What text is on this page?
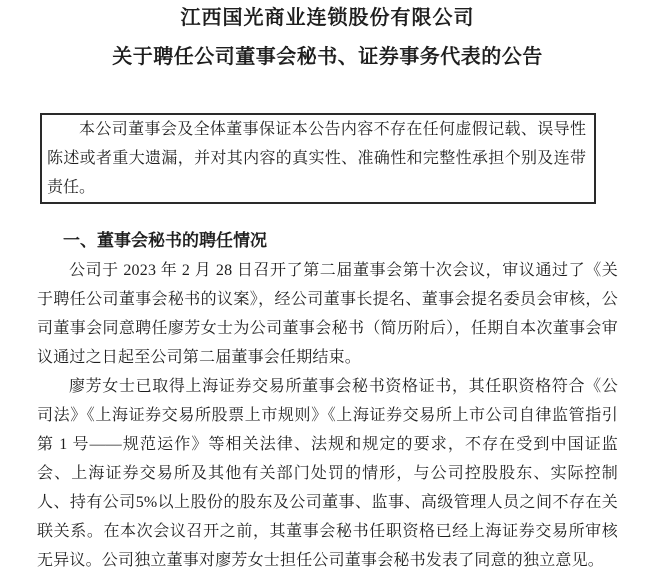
江西国光商业连锁股份有限公司
关于聘任公司董事会秘书、证券事务代表的公告

本公司董事会及全体董事保证本公告内容不存在任何虚假记载、误导性陈述或者重大遗漏，并对其内容的真实性、准确性和完整性承担个别及连带责任。

一、董事会秘书的聘任情况

公司于 2023 年 2 月 28 日召开了第二届董事会第十次会议，审议通过了《关于聘任公司董事会秘书的议案》，经公司董事长提名、董事会提名委员会审核，公司董事会同意聘任廖芳女士为公司董事会秘书（简历附后），任期自本次董事会审议通过之日起至公司第二届董事会任期结束。

廖芳女士已取得上海证券交易所董事会秘书资格证书，其任职资格符合《公司法》《上海证券交易所股票上市规则》《上海证券交易所上市公司自律监管指引第 1 号——规范运作》等相关法律、法规和规定的要求，不存在受到中国证监会、上海证券交易所及其他有关部门处罚的情形，与公司控股股东、实际控制人、持有公司5%以上股份的股东及公司董事、监事、高级管理人员之间不存在关联关系。在本次会议召开之前，其董事会秘书任职资格已经上海证券交易所审核无异议。公司独立董事对廖芳女士担任公司董事会秘书发表了同意的独立意见。
